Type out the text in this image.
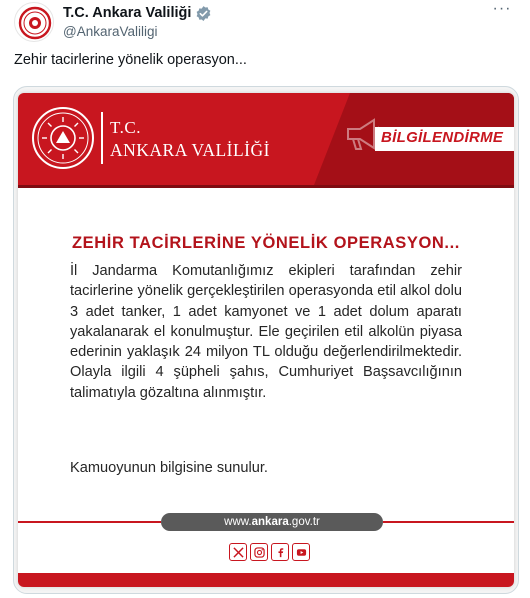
T.C. Ankara Valiliği
@AnkaraValiligi
···
Zehir tacirlerine yönelik operasyon...
T.C.
ANKARA VALİLİĞİ
BİLGİLENDİRME
ZEHİR TACİRLERİNE YÖNELİK OPERASYON...
İl Jandarma Komutanlığımız ekipleri tarafından zehir tacirlerine yönelik gerçekleştirilen operasyonda etil alkol dolu 3 adet tanker, 1 adet kamyonet ve 1 adet dolum aparatı yakalanarak el konulmuştur. Ele geçirilen etil alkolün piyasa ederinin yaklaşık 24 milyon TL olduğu değerlendirilmektedir. Olayla ilgili 4 şüpheli şahıs, Cumhuriyet Başsavcılığının talimatıyla gözaltına alınmıştır.
Kamuoyunun bilgisine sunulur.
www.ankara.gov.tr
